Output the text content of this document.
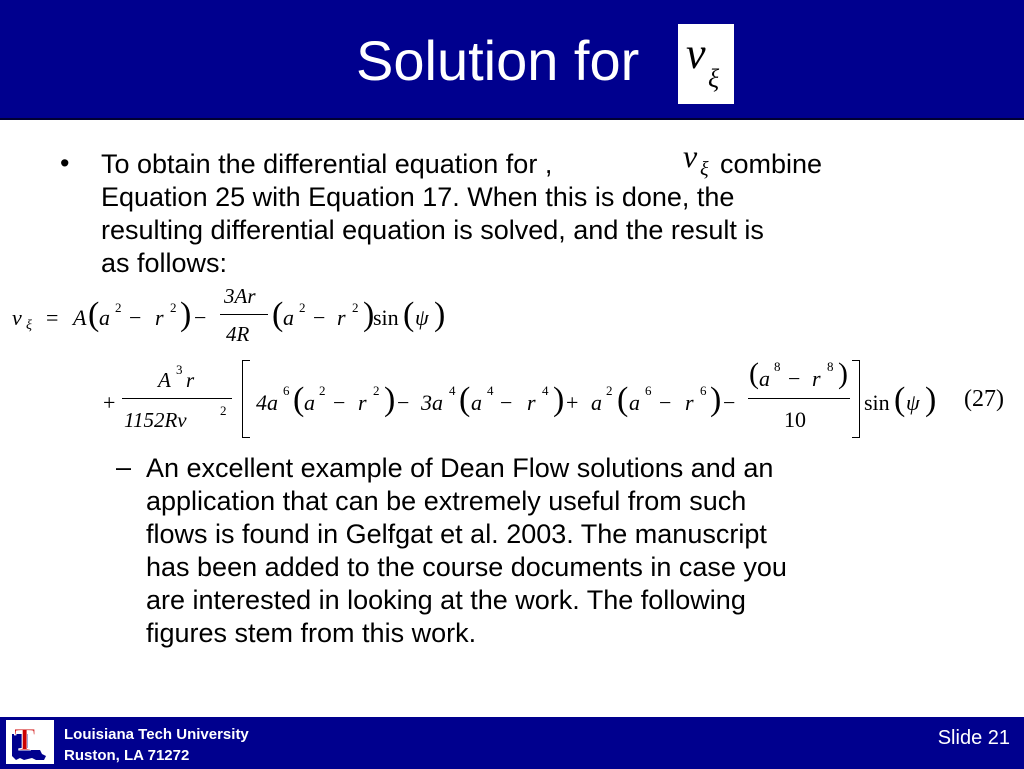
Solution for v
ξ
• To obtain the differential equation for ,	v ξ combine
Equation 25 with Equation 17. When this is done, the
resulting differential equation is solved, and the result is
as follows:
v ξ = A ( a 2 − r 2 ) −
3Ar
4R
( a 2 − r 2 )
sin ( ψ )
+
A 3 r
1152Rν	2 4a 6 ( a 2 − r 2 ) − 3a 4 ( a 4 − r 4 ) + a 2 ( a 6 − r 6 ) −
( a 8 − r 8 )
10
sin ( ψ ) (27)
– An excellent example of Dean Flow solutions and an
application that can be extremely useful from such
flows is found in Gelfgat et al. 2003. The manuscript
has been added to the course documents in case you
are interested in looking at the work. The following
figures stem from this work.
T Louisiana Tech University
Ruston, LA 71272
Slide 21
